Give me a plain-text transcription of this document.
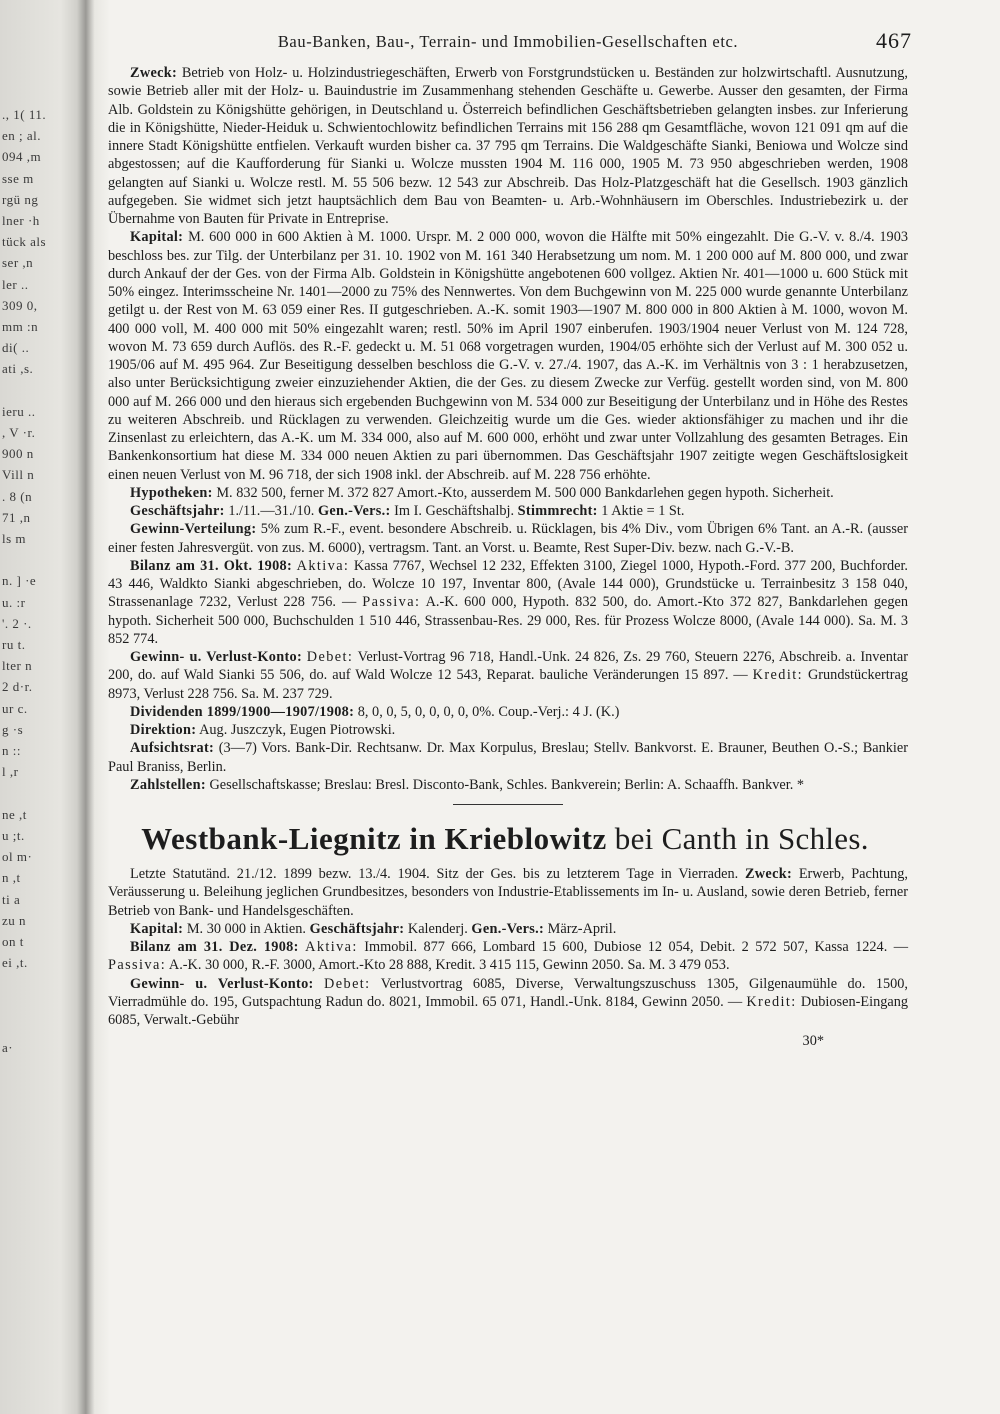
., 1( 11.
en ; al.
094 ,m
sse m
rgü ng
lner ·h
tück als
ser ,n
ler ..
309 0,
mm :n
di( ..
ati ,s.

ieru ..
, V ·r.
900 n
Vill n
. 8 (n
71 ,n
ls m

n. ] ·e
u. :r
'. 2 ·.
ru t.
lter n
2 d·r.
ur c.
g ·s
n ::
l ,r

ne ,t
u ;t.
ol m·
n ,t
ti a
zu n
on t
ei ,t.

a·

Bau-Banken, Bau-, Terrain- und Immobilien-Gesellschaften etc.	467

Zweck: Betrieb von Holz- u. Holzindustriegeschäften, Erwerb von Forstgrundstücken u. Beständen zur holzwirtschaftl. Ausnutzung, sowie Betrieb aller mit der Holz- u. Bauindustrie im Zusammenhang stehenden Geschäfte u. Gewerbe. Ausser den gesamten, der Firma Alb. Goldstein zu Königshütte gehörigen, in Deutschland u. Österreich befindlichen Geschäftsbetrieben gelangten insbes. zur Inferierung die in Königshütte, Nieder-Heiduk u. Schwientochlowitz befindlichen Terrains mit 156 288 qm Gesamtfläche, wovon 121 091 qm auf die innere Stadt Königshütte entfielen. Verkauft wurden bisher ca. 37 795 qm Terrains. Die Waldgeschäfte Sianki, Beniowa und Wolcze sind abgestossen; auf die Kaufforderung für Sianki u. Wolcze mussten 1904 M. 116 000, 1905 M. 73 950 abgeschrieben werden, 1908 gelangten auf Sianki u. Wolcze restl. M. 55 506 bezw. 12 543 zur Abschreib. Das Holz-Platzgeschäft hat die Gesellsch. 1903 gänzlich aufgegeben. Sie widmet sich jetzt hauptsächlich dem Bau von Beamten- u. Arb.-Wohnhäusern im Oberschles. Industriebezirk u. der Übernahme von Bauten für Private in Entreprise.

Kapital: M. 600 000 in 600 Aktien à M. 1000. Urspr. M. 2 000 000, wovon die Hälfte mit 50% eingezahlt. Die G.-V. v. 8./4. 1903 beschloss bes. zur Tilg. der Unterbilanz per 31. 10. 1902 von M. 161 340 Herabsetzung um nom. M. 1 200 000 auf M. 800 000, und zwar durch Ankauf der der Ges. von der Firma Alb. Goldstein in Königshütte angebotenen 600 vollgez. Aktien Nr. 401—1000 u. 600 Stück mit 50% eingez. Interimsscheine Nr. 1401—2000 zu 75% des Nennwertes. Von dem Buchgewinn von M. 225 000 wurde genannte Unterbilanz getilgt u. der Rest von M. 63 059 einer Res. II gutgeschrieben. A.-K. somit 1903—1907 M. 800 000 in 800 Aktien à M. 1000, wovon M. 400 000 voll, M. 400 000 mit 50% eingezahlt waren; restl. 50% im April 1907 einberufen. 1903/1904 neuer Verlust von M. 124 728, wovon M. 73 659 durch Auflös. des R.-F. gedeckt u. M. 51 068 vorgetragen wurden, 1904/05 erhöhte sich der Verlust auf M. 300 052 u. 1905/06 auf M. 495 964. Zur Beseitigung desselben beschloss die G.-V. v. 27./4. 1907, das A.-K. im Verhältnis von 3 : 1 herabzusetzen, also unter Berücksichtigung zweier einzuziehender Aktien, die der Ges. zu diesem Zwecke zur Verfüg. gestellt worden sind, von M. 800 000 auf M. 266 000 und den hieraus sich ergebenden Buchgewinn von M. 534 000 zur Beseitigung der Unterbilanz und in Höhe des Restes zu weiteren Abschreib. und Rücklagen zu verwenden. Gleichzeitig wurde um die Ges. wieder aktionsfähiger zu machen und ihr die Zinsenlast zu erleichtern, das A.-K. um M. 334 000, also auf M. 600 000, erhöht und zwar unter Vollzahlung des gesamten Betrages. Ein Bankenkonsortium hat diese M. 334 000 neuen Aktien zu pari übernommen. Das Geschäftsjahr 1907 zeitigte wegen Geschäftslosigkeit einen neuen Verlust von M. 96 718, der sich 1908 inkl. der Abschreib. auf M. 228 756 erhöhte.

Hypotheken: M. 832 500, ferner M. 372 827 Amort.-Kto, ausserdem M. 500 000 Bankdarlehen gegen hypoth. Sicherheit.

Geschäftsjahr: 1./11.—31./10. Gen.-Vers.: Im I. Geschäftshalbj. Stimmrecht: 1 Aktie = 1 St.

Gewinn-Verteilung: 5% zum R.-F., event. besondere Abschreib. u. Rücklagen, bis 4% Div., vom Übrigen 6% Tant. an A.-R. (ausser einer festen Jahresvergüt. von zus. M. 6000), vertragsm. Tant. an Vorst. u. Beamte, Rest Super-Div. bezw. nach G.-V.-B.

Bilanz am 31. Okt. 1908: Aktiva: Kassa 7767, Wechsel 12 232, Effekten 3100, Ziegel 1000, Hypoth.-Ford. 377 200, Buchforder. 43 446, Waldkto Sianki abgeschrieben, do. Wolcze 10 197, Inventar 800, (Avale 144 000), Grundstücke u. Terrainbesitz 3 158 040, Strassenanlage 7232, Verlust 228 756. — Passiva: A.-K. 600 000, Hypoth. 832 500, do. Amort.-Kto 372 827, Bankdarlehen gegen hypoth. Sicherheit 500 000, Buchschulden 1 510 446, Strassenbau-Res. 29 000, Res. für Prozess Wolcze 8000, (Avale 144 000). Sa. M. 3 852 774.

Gewinn- u. Verlust-Konto: Debet: Verlust-Vortrag 96 718, Handl.-Unk. 24 826, Zs. 29 760, Steuern 2276, Abschreib. a. Inventar 200, do. auf Wald Sianki 55 506, do. auf Wald Wolcze 12 543, Reparat. bauliche Veränderungen 15 897. — Kredit: Grundstückertrag 8973, Verlust 228 756. Sa. M. 237 729.

Dividenden 1899/1900—1907/1908: 8, 0, 0, 5, 0, 0, 0, 0, 0%. Coup.-Verj.: 4 J. (K.)

Direktion: Aug. Juszczyk, Eugen Piotrowski.

Aufsichtsrat: (3—7) Vors. Bank-Dir. Rechtsanw. Dr. Max Korpulus, Breslau; Stellv. Bankvorst. E. Brauner, Beuthen O.-S.; Bankier Paul Braniss, Berlin.

Zahlstellen: Gesellschaftskasse; Breslau: Bresl. Disconto-Bank, Schles. Bankverein; Berlin: A. Schaaffh. Bankver. *

Westbank-Liegnitz in Krieblowitz bei Canth in Schles.

Letzte Statutänd. 21./12. 1899 bezw. 13./4. 1904. Sitz der Ges. bis zu letzterem Tage in Vierraden. Zweck: Erwerb, Pachtung, Veräusserung u. Beleihung jeglichen Grundbesitzes, besonders von Industrie-Etablissements im In- u. Ausland, sowie deren Betrieb, ferner Betrieb von Bank- und Handelsgeschäften.

Kapital: M. 30 000 in Aktien. Geschäftsjahr: Kalenderj. Gen.-Vers.: März-April.

Bilanz am 31. Dez. 1908: Aktiva: Immobil. 877 666, Lombard 15 600, Dubiose 12 054, Debit. 2 572 507, Kassa 1224. — Passiva: A.-K. 30 000, R.-F. 3000, Amort.-Kto 28 888, Kredit. 3 415 115, Gewinn 2050. Sa. M. 3 479 053.

Gewinn- u. Verlust-Konto: Debet: Verlustvortrag 6085, Diverse, Verwaltungszuschuss 1305, Gilgenaumühle do. 1500, Vierradmühle do. 195, Gutspachtung Radun do. 8021, Immobil. 65 071, Handl.-Unk. 8184, Gewinn 2050. — Kredit: Dubiosen-Eingang 6085, Verwalt.-Gebühr

30*
